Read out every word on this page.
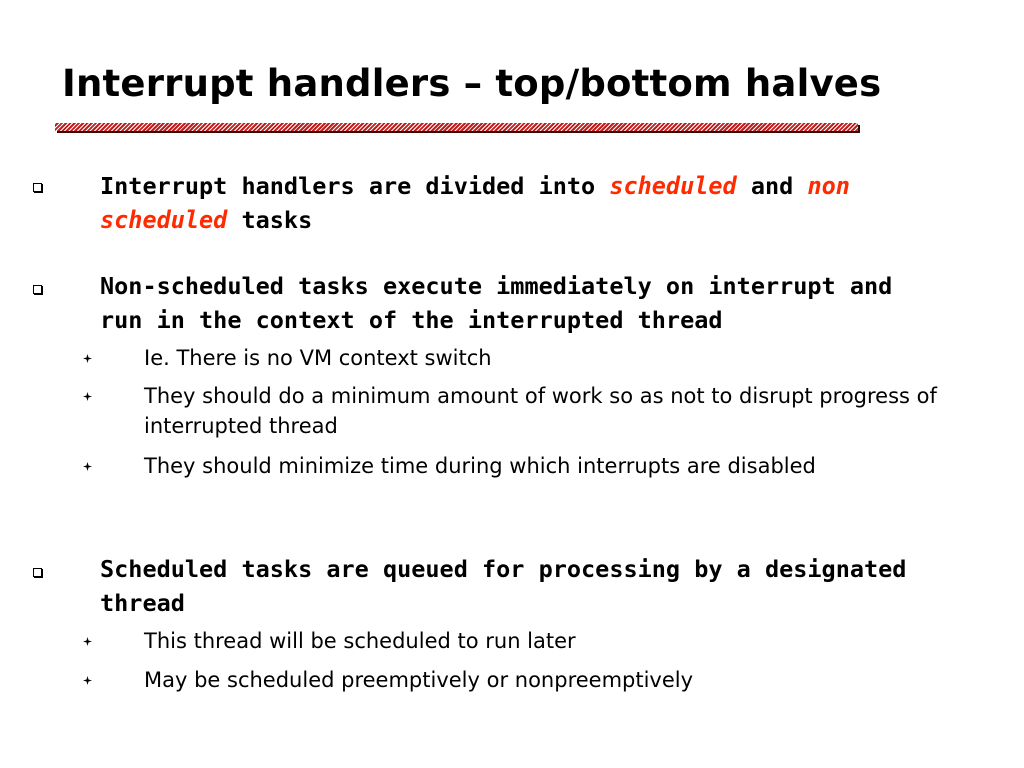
Interrupt handlers – top/bottom halves
Interrupt handlers are divided into scheduled and non scheduled tasks
Non-scheduled tasks execute immediately on interrupt and run in the context of the interrupted thread
Ie. There is no VM context switch
They should do a minimum amount of work so as not to disrupt progress of interrupted thread
They should minimize time during which interrupts are disabled
Scheduled tasks are queued for processing by a designated thread
This thread will be scheduled to run later
May be scheduled preemptively or nonpreemptively
